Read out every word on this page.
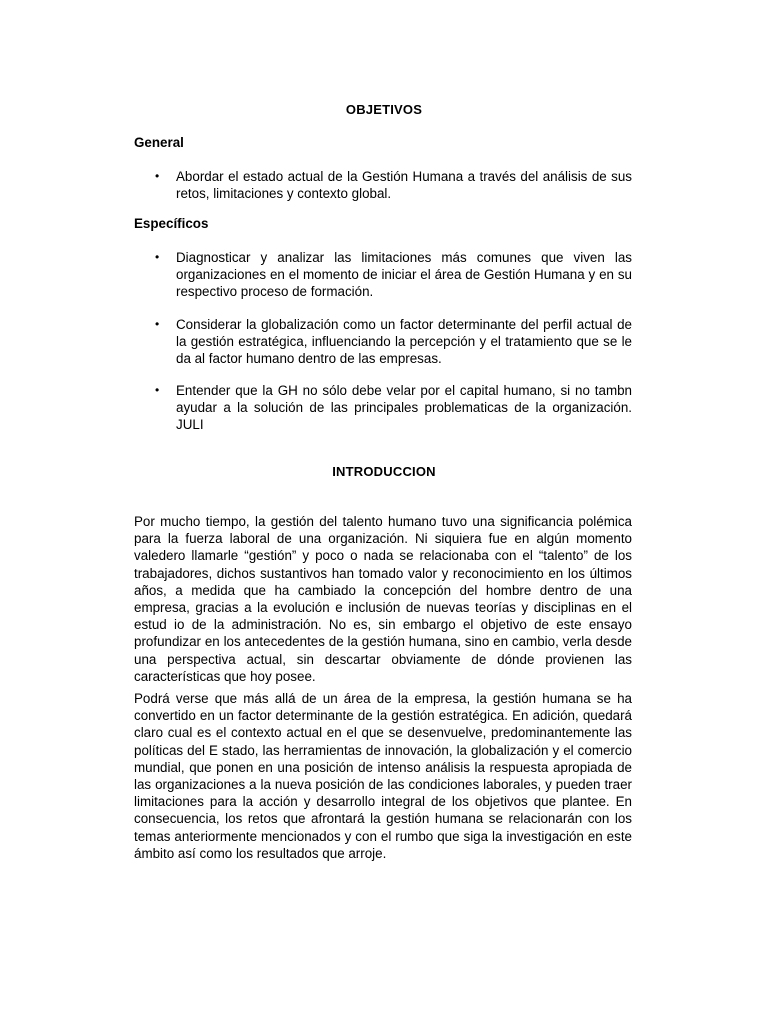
OBJETIVOS
General
• Abordar el estado actual de la Gestión Humana a través del análisis de sus retos, limitaciones y contexto global.
Específicos
• Diagnosticar y analizar las limitaciones más comunes que viven las organizaciones en el momento de iniciar el área de Gestión Humana y en su respectivo proceso de formación.
• Considerar la globalización como un factor determinante del perfil actual de la gestión estratégica, influenciando la percepción y el tratamiento que se le da al factor humano dentro de las empresas.
• Entender que la GH no sólo debe velar por el capital humano, si no tambn ayudar a la solución de las principales problematicas de la organización. JULI
INTRODUCCION

Por mucho tiempo, la gestión del talento humano tuvo una significancia polémica para la fuerza laboral de una organización. Ni siquiera fue en algún momento valedero llamarle “gestión” y poco o nada se relacionaba con el “talento” de los trabajadores, dichos sustantivos han tomado valor y reconocimiento en los últimos años, a medida que ha cambiado la concepción del hombre dentro de una empresa, gracias a la evolución e inclusión de nuevas teorías y disciplinas en el estud io de la administración. No es, sin embargo el objetivo de este ensayo profundizar en los antecedentes de la gestión humana, sino en cambio, verla desde una perspectiva actual, sin descartar obviamente de dónde provienen las características que hoy posee.

Podrá verse que más allá de un área de la empresa, la gestión humana se ha convertido en un factor determinante de la gestión estratégica. En adición, quedará claro cual es el contexto actual en el que se desenvuelve, predominantemente las políticas del E stado, las herramientas de innovación, la globalización y el comercio mundial, que ponen en una posición de intenso análisis la respuesta apropiada de las organizaciones a la nueva posición de las condiciones laborales, y pueden traer limitaciones para la acción y desarrollo integral de los objetivos que plantee. En consecuencia, los retos que afrontará la gestión humana se relacionarán con los temas anteriormente mencionados y con el rumbo que siga la investigación en este ámbito así como los resultados que arroje.
